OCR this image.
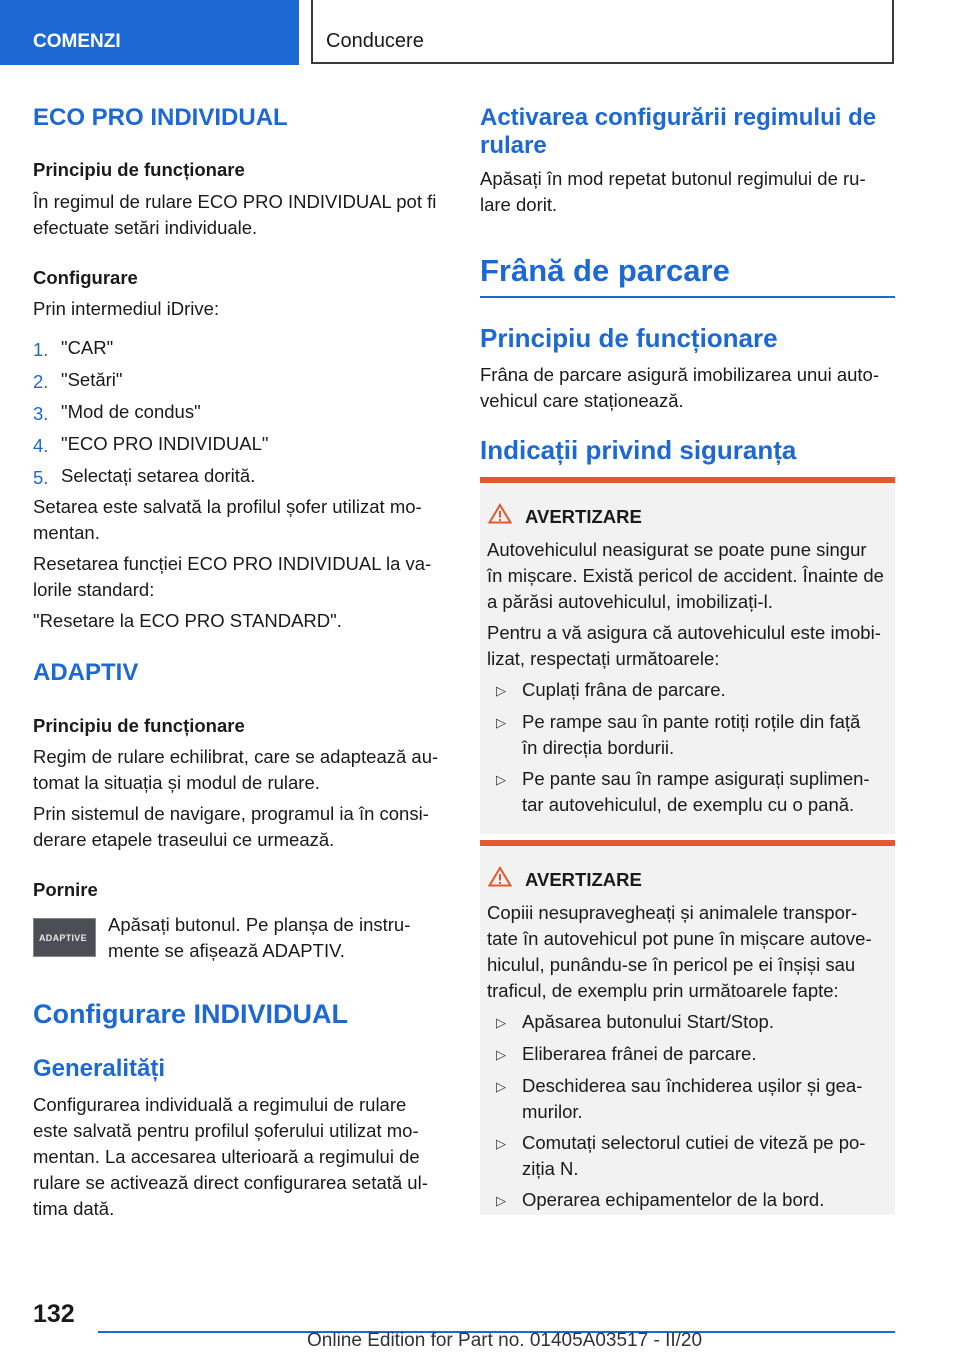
COMENZI	Conducere
ECO PRO INDIVIDUAL
Principiu de funcționare
În regimul de rulare ECO PRO INDIVIDUAL pot fi
efectuate setări individuale.
Configurare
Prin intermediul iDrive:
1. "CAR"
2. "Setări"
3. "Mod de condus"
4. "ECO PRO INDIVIDUAL"
5. Selectați setarea dorită.
Setarea este salvată la profilul șofer utilizat mo-
mentan.
Resetarea funcției ECO PRO INDIVIDUAL la va-
lorile standard:
"Resetare la ECO PRO STANDARD".
ADAPTIV
Principiu de funcționare
Regim de rulare echilibrat, care se adaptează au-
tomat la situația și modul de rulare.
Prin sistemul de navigare, programul ia în consi-
derare etapele traseului ce urmează.
Pornire
ADAPTIVE
Apăsați butonul. Pe planșa de instru-
mente se afișează ADAPTIV.
Configurare INDIVIDUAL
Generalități
Configurarea individuală a regimului de rulare
este salvată pentru profilul șoferului utilizat mo-
mentan. La accesarea ulterioară a regimului de
rulare se activează direct configurarea setată ul-
tima dată.
Activarea configurării regimului de
rulare
Apăsați în mod repetat butonul regimului de ru-
lare dorit.
Frână de parcare
Principiu de funcționare
Frâna de parcare asigură imobilizarea unui auto-
vehicul care staționează.
Indicații privind siguranța
AVERTIZARE
Autovehiculul neasigurat se poate pune singur
în mișcare. Există pericol de accident. Înainte de
a părăsi autovehiculul, imobilizați-l.
Pentru a vă asigura că autovehiculul este imobi-
lizat, respectați următoarele:
▷ Cuplați frâna de parcare.
▷ Pe rampe sau în pante rotiți roțile din față
în direcția bordurii.
▷ Pe pante sau în rampe asigurați suplimen-
tar autovehiculul, de exemplu cu o pană.
AVERTIZARE
Copiii nesupravegheați și animalele transpor-
tate în autovehicul pot pune în mișcare autove-
hiculul, punându-se în pericol pe ei înșiși sau
traficul, de exemplu prin următoarele fapte:
▷ Apăsarea butonului Start/Stop.
▷ Eliberarea frânei de parcare.
▷ Deschiderea sau închiderea ușilor și gea-
murilor.
▷ Comutați selectorul cutiei de viteză pe po-
ziția N.
▷ Operarea echipamentelor de la bord.
132
Online Edition for Part no. 01405A03517 - II/20
